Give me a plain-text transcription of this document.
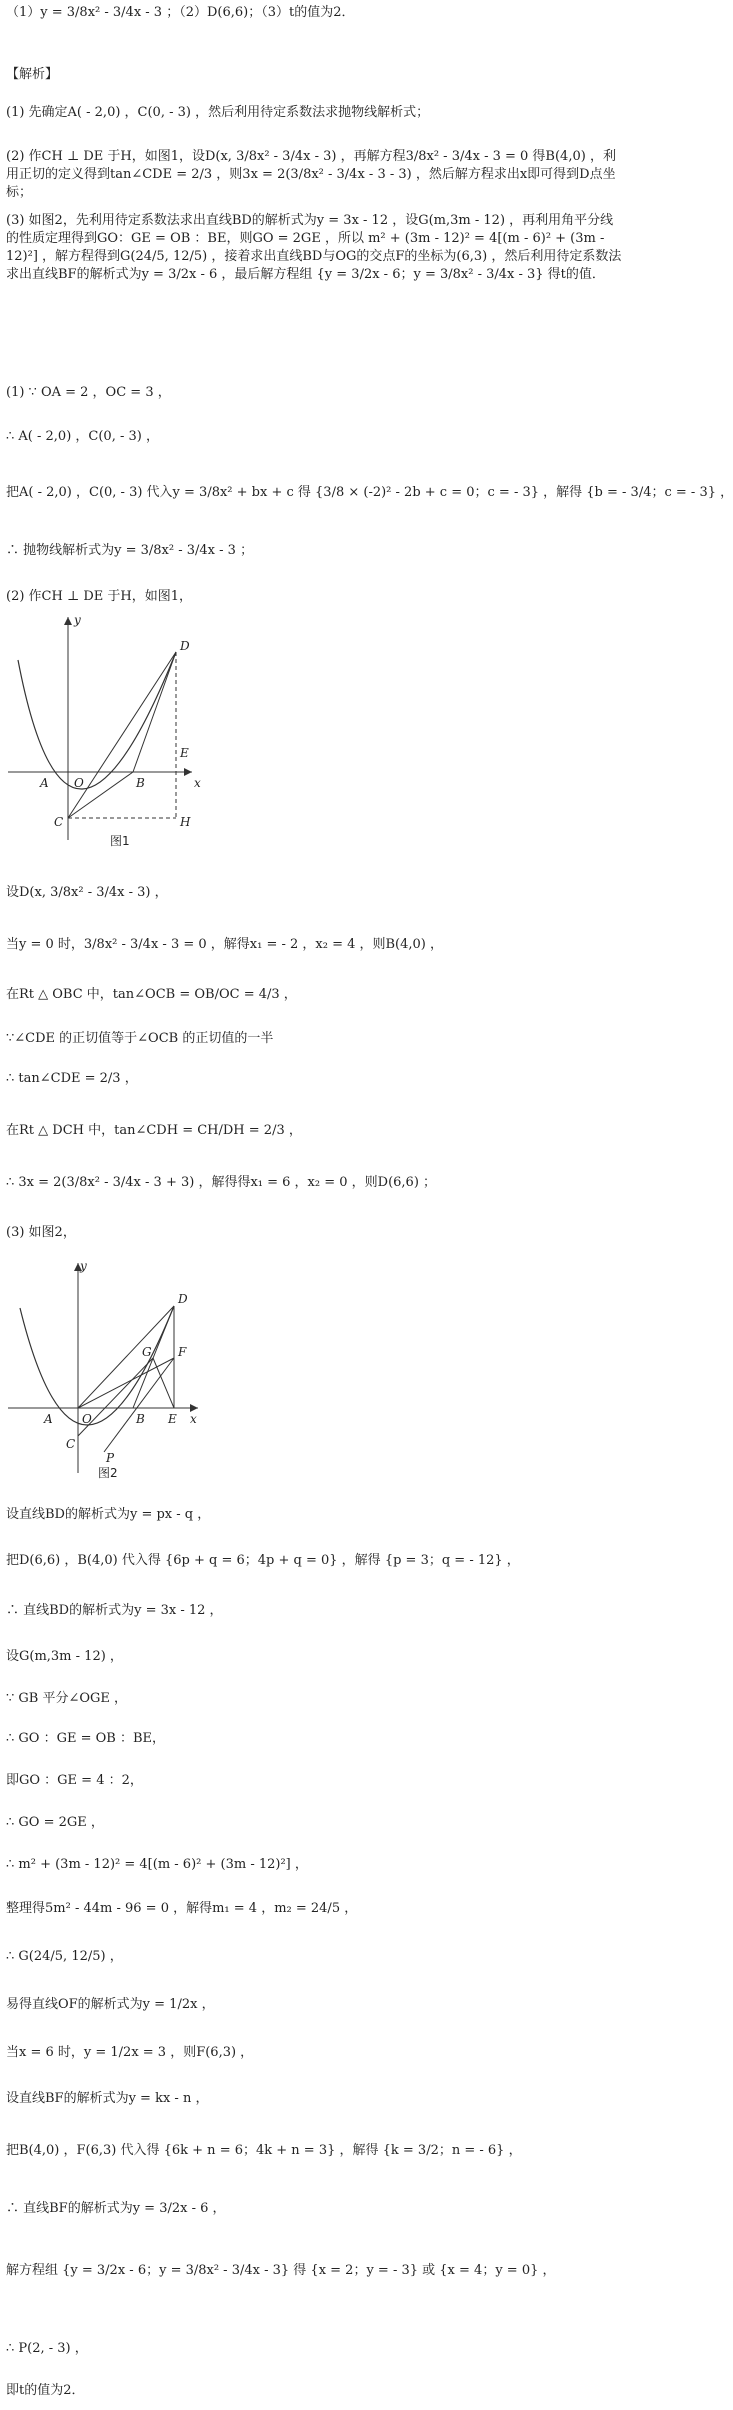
（1）y = 3/8x² - 3/4x - 3 ；（2）D(6,6)；（3）t的值为2．
【解析】
(1) 先确定A( - 2,0) ，C(0, - 3) ，然后利用待定系数法求抛物线解析式；
(2) 作CH ⊥ DE 于H，如图1，设D(x, 3/8x² - 3/4x - 3) ，再解方程3/8x² - 3/4x - 3 = 0 得B(4,0) ，利用正切的定义得到tan∠CDE = 2/3 ，则3x = 2(3/8x² - 3/4x - 3 - 3) ，然后解方程求出x即可得到D点坐标；
(3) 如图2，先利用待定系数法求出直线BD的解析式为y = 3x - 12 ，设G(m,3m - 12) ，再利用角平分线的性质定理得到GO：GE = OB ：BE，则GO = 2GE ，所以 m² + (3m - 12)² = 4[(m - 6)² + (3m - 12)²] ，解方程得到G(24/5, 12/5) ，接着求出直线BD与OG的交点F的坐标为(6,3) ，然后利用待定系数法求出直线BF的解析式为y = 3/2x - 6 ，最后解方程组 {y = 3/2x - 6；y = 3/8x² - 3/4x - 3} 得t的值．
(1) ∵ OA = 2 ，OC = 3 ，
∴ A( - 2,0) ，C(0, - 3) ，
把A( - 2,0) ，C(0, - 3) 代入y = 3/8x² + bx + c 得 {3/8 × (-2)² - 2b + c = 0；c = - 3} ，解得 {b = - 3/4；c = - 3} ，
∴ 抛物线解析式为y = 3/8x² - 3/4x - 3 ；
(2) 作CH ⊥ DE 于H，如图1，
D
E
A O	B	x
y
C	H
图1
设D(x, 3/8x² - 3/4x - 3) ，
当y = 0 时，3/8x² - 3/4x - 3 = 0 ，解得x₁ = - 2 ，x₂ = 4 ，则B(4,0) ，
在Rt △ OBC 中，tan∠OCB = OB/OC = 4/3 ，
∵∠CDE 的正切值等于∠OCB 的正切值的一半
∴ tan∠CDE = 2/3 ，
在Rt △ DCH 中，tan∠CDH = CH/DH = 2/3 ，
∴ 3x = 2(3/8x² - 3/4x - 3 + 3) ，解得得x₁ = 6 ，x₂ = 0 ，则D(6,6) ；
(3) 如图2，
y
D
G F
A O	B E x
C
P
图2
设直线BD的解析式为y = px - q ，
把D(6,6) ，B(4,0) 代入得 {6p + q = 6；4p + q = 0} ，解得 {p = 3；q = - 12} ，
∴ 直线BD的解析式为y = 3x - 12 ，
设G(m,3m - 12) ，
∵ GB 平分∠OGE ，
∴ GO ：GE = OB ：BE，
即GO ：GE = 4 ：2，
∴ GO = 2GE ，
∴ m² + (3m - 12)² = 4[(m - 6)² + (3m - 12)²] ，
整理得5m² - 44m - 96 = 0 ，解得m₁ = 4 ，m₂ = 24/5 ，
∴ G(24/5, 12/5) ，
易得直线OF的解析式为y = 1/2x ，
当x = 6 时，y = 1/2x = 3 ，则F(6,3) ，
设直线BF的解析式为y = kx - n ，
把B(4,0) ，F(6,3) 代入得 {6k + n = 6；4k + n = 3} ，解得 {k = 3/2；n = - 6} ，
∴ 直线BF的解析式为y = 3/2x - 6 ，
解方程组 {y = 3/2x - 6；y = 3/8x² - 3/4x - 3} 得 {x = 2；y = - 3} 或 {x = 4；y = 0} ，
∴ P(2, - 3) ，
即t的值为2．
